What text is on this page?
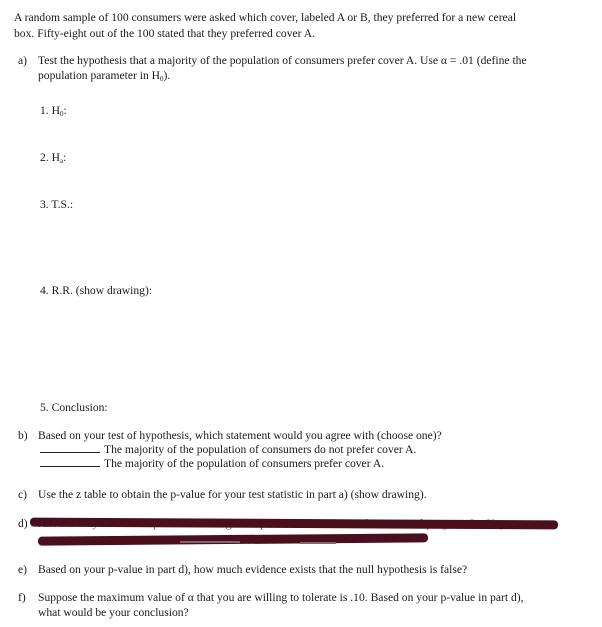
A random sample of 100 consumers were asked which cover, labeled A or B, they preferred for a new cereal
box. Fifty-eight out of the 100 stated that they preferred cover A.
a) Test the hypothesis that a majority of the population of consumers prefer cover A. Use α = .01 (define the
population parameter in $H_0$).
1. $H_0$:
2. $H_a$:
3. T.S.:
4. R.R. (show drawing):
5. Conclusion:
b) Based on your test of hypothesis, which statement would you agree with (choose one)?
The majority of the population of consumers do not prefer cover A.
The majority of the population of consumers prefer cover A.
c) Use the z table to obtain the p-value for your test statistic in part a) (show drawing).
d)
e) Based on your p-value in part d), how much evidence exists that the null hypothesis is false?
f) Suppose the maximum value of α that you are willing to tolerate is .10. Based on your p-value in part d),
what would be your conclusion?
